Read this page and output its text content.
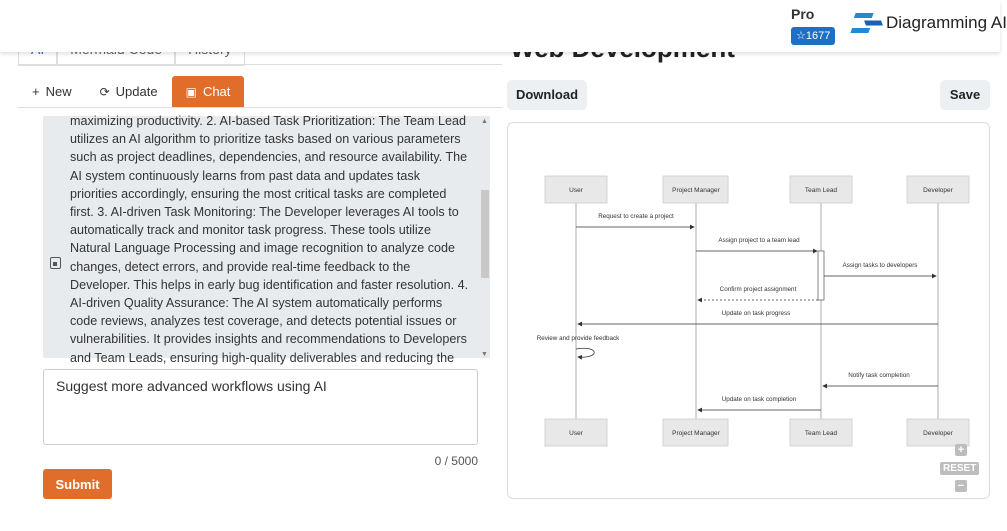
Pro
☆1677
Diagramming AI
+ New ⟳ Update ▣ Chat
maximizing productivity. 2. AI-based Task Prioritization: The Team Lead utilizes an AI algorithm to prioritize tasks based on various parameters such as project deadlines, dependencies, and resource availability. The AI system continuously learns from past data and updates task priorities accordingly, ensuring the most critical tasks are completed first. 3. AI-driven Task Monitoring: The Developer leverages AI tools to automatically track and monitor task progress. These tools utilize Natural Language Processing and image recognition to analyze code changes, detect errors, and provide real-time feedback to the Developer. This helps in early bug identification and faster resolution. 4. AI-driven Quality Assurance: The AI system automatically performs code reviews, analyzes test coverage, and detects potential issues or vulnerabilities. It provides insights and recommendations to Developers and Team Leads, ensuring high-quality deliverables and reducing the
▲
▼
Suggest more advanced workflows using AI
0 / 5000
Submit
Download	Save
User	Project Manager	Team Lead	Developer
User	Project Manager	Team Lead	Developer
Request to create a project
Assign project to a team lead
Assign tasks to developers
Confirm project assignment
Update on task progress
Review and provide feedback
Notify task completion
Update on task completion
+
RESET
−
